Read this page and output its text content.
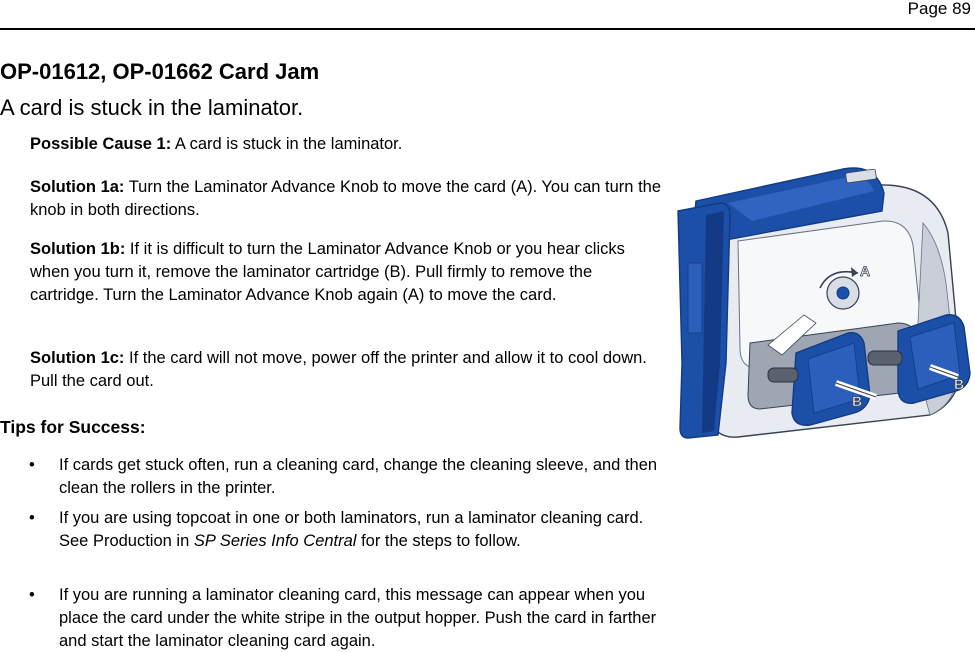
Page 89
OP-01612, OP-01662 Card Jam
A card is stuck in the laminator.
Possible Cause 1: A card is stuck in the laminator.
Solution 1a: Turn the Laminator Advance Knob to move the card (A). You can turn the knob in both directions.
Solution 1b: If it is difficult to turn the Laminator Advance Knob or you hear clicks when you turn it, remove the laminator cartridge (B). Pull firmly to remove the cartridge. Turn the Laminator Advance Knob again (A) to move the card.
Solution 1c: If the card will not move, power off the printer and allow it to cool down. Pull the card out.
Tips for Success:
• If cards get stuck often, run a cleaning card, change the cleaning sleeve, and then clean the rollers in the printer.
• If you are using topcoat in one or both laminators, run a laminator cleaning card. See Production in SP Series Info Central for the steps to follow.
• If you are running a laminator cleaning card, this message can appear when you place the card under the white stripe in the output hopper. Push the card in farther and start the laminator cleaning card again.
A
B
B
